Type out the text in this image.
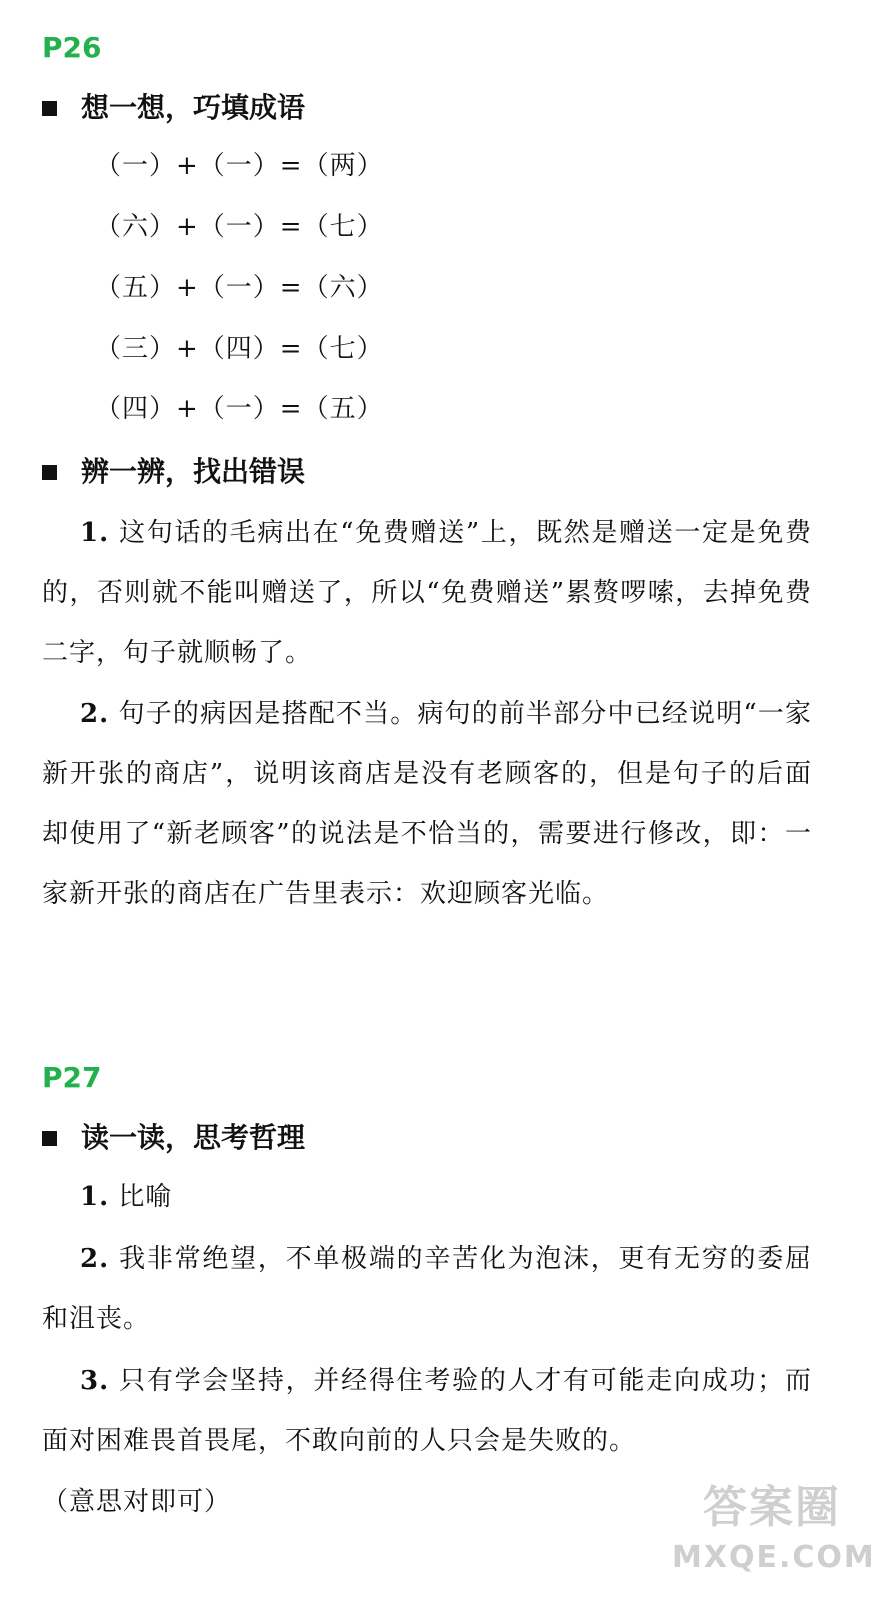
P26
想一想，巧填成语
（一）+（一）=（两）
（六）+（一）=（七）
（五）+（一）=（六）
（三）+（四）=（七）
（四）+（一）=（五）
辨一辨，找出错误
1. 这句话的毛病出在“免费赠送”上，既然是赠送一定是免费的，否则就不能叫赠送了，所以“免费赠送”累赘啰嗦，去掉免费二字，句子就顺畅了。
2. 句子的病因是搭配不当。病句的前半部分中已经说明“一家新开张的商店”，说明该商店是没有老顾客的，但是句子的后面却使用了“新老顾客”的说法是不恰当的，需要进行修改，即：一家新开张的商店在广告里表示：欢迎顾客光临。
P27
读一读，思考哲理
1. 比喻
2. 我非常绝望，不单极端的辛苦化为泡沫，更有无穷的委屈和沮丧。
3. 只有学会坚持，并经得住考验的人才有可能走向成功；而面对困难畏首畏尾，不敢向前的人只会是失败的。
（意思对即可）	答案圈
MXQE.COM
